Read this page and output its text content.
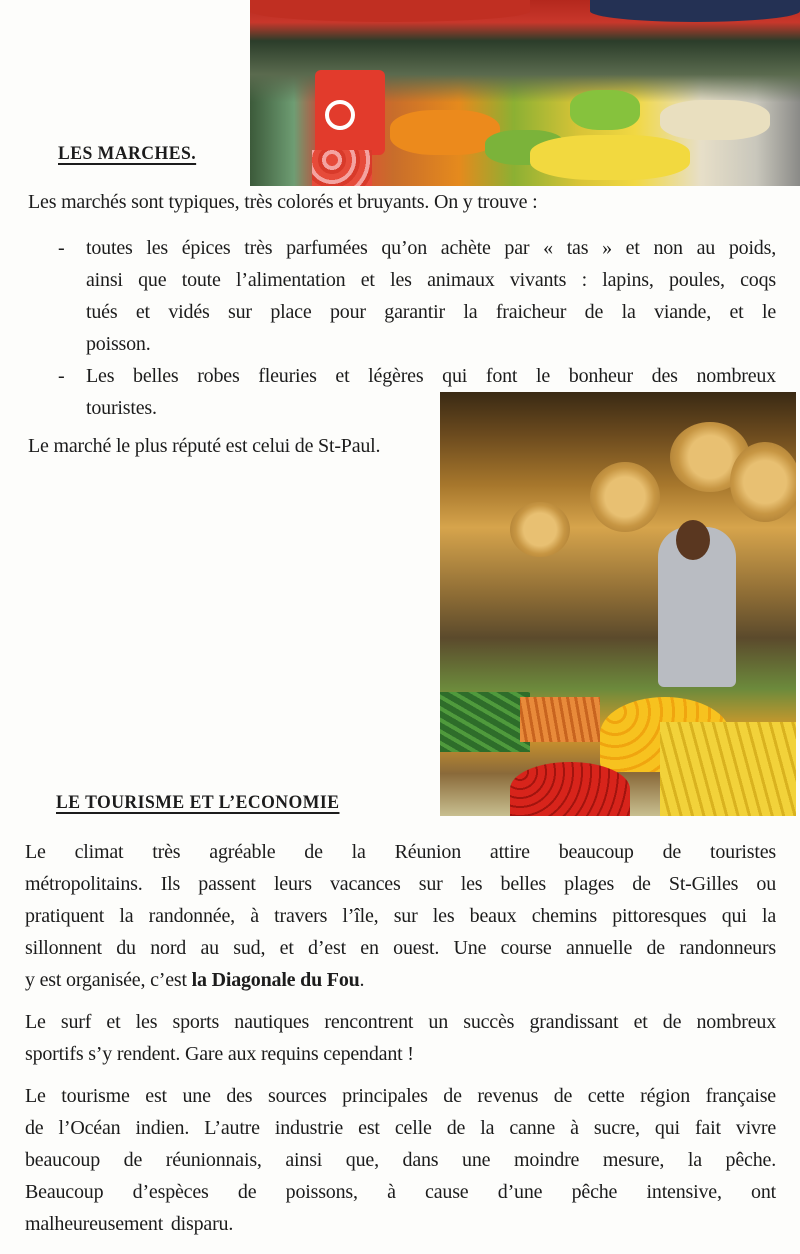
LES MARCHES.
Les marchés sont typiques, très colorés et bruyants. On y trouve :
- toutes les épices très parfumées qu’on achète par « tas » et non au poids,
ainsi que toute l’alimentation et les animaux vivants : lapins, poules, coqs
tués et vidés sur place pour garantir la fraicheur de la viande, et le
poisson.
- Les belles robes fleuries et légères qui font le bonheur des nombreux
touristes.
Le marché le plus réputé est celui de St-Paul.
LE TOURISME ET L’ECONOMIE
Le climat très agréable de la Réunion attire beaucoup de touristes
métropolitains. Ils passent leurs vacances sur les belles plages de St-Gilles ou
pratiquent la randonnée, à travers l’île, sur les beaux chemins pittoresques qui la
sillonnent du nord au sud, et d’est en ouest. Une course annuelle de randonneurs
y est organisée, c’est la Diagonale du Fou.
Le surf et les sports nautiques rencontrent un succès grandissant et de nombreux
sportifs s’y rendent. Gare aux requins cependant !
Le tourisme est une des sources principales de revenus de cette région française
de l’Océan indien. L’autre industrie est celle de la canne à sucre, qui fait vivre
beaucoup de réunionnais, ainsi que, dans une moindre mesure, la pêche.
Beaucoup d’espèces de poissons, à cause d’une pêche intensive, ont
malheureusement disparu.
